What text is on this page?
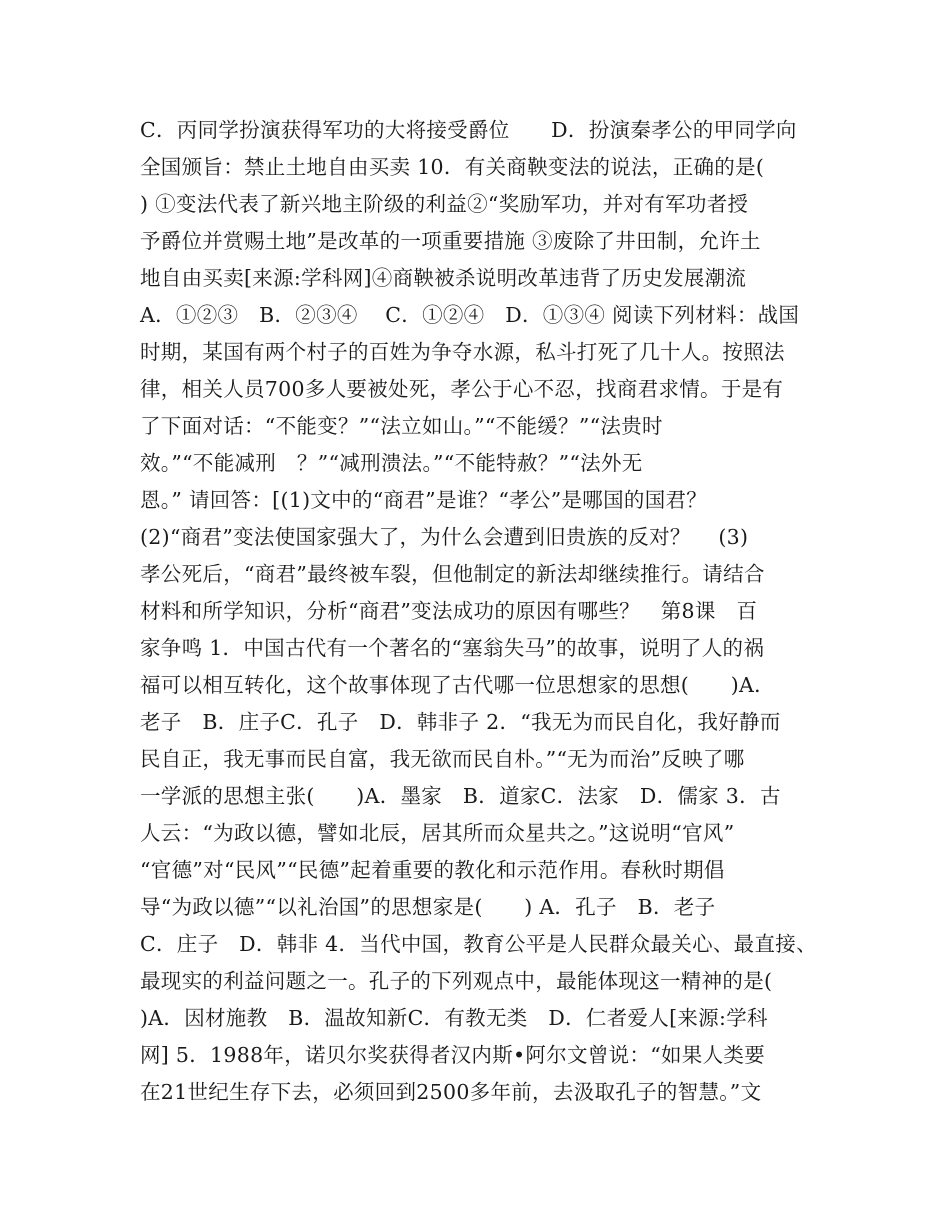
C．丙同学扮演获得军功的大将接受爵位　　D．扮演秦孝公的甲同学向
全国颁旨：禁止土地自由买卖 10．有关商鞅变法的说法，正确的是(
) ①变法代表了新兴地主阶级的利益②“奖励军功，并对有军功者授
予爵位并赏赐土地”是改革的一项重要措施 ③废除了井田制，允许土
地自由买卖[来源:学科网]④商鞅被杀说明改革违背了历史发展潮流
A．①②③　B．②③④　 C．①②④　D．①③④ 阅读下列材料：战国
时期，某国有两个村子的百姓为争夺水源，私斗打死了几十人。按照法
律，相关人员700多人要被处死，孝公于心不忍，找商君求情。于是有
了下面对话：“不能变？”“法立如山。”“不能缓？”“法贵时
效。”“不能减刑　？”“减刑溃法。”“不能特赦？”“法外无
恩。” 请回答：[(1)文中的“商君”是谁？“孝公”是哪国的国君？
(2)“商君”变法使国家强大了，为什么会遭到旧贵族的反对？　 (3)
孝公死后，“商君”最终被车裂，但他制定的新法却继续推行。请结合
材料和所学知识，分析“商君”变法成功的原因有哪些？　第8课　百
家争鸣 1．中国古代有一个著名的“塞翁失马”的故事，说明了人的祸
福可以相互转化，这个故事体现了古代哪一位思想家的思想(　　)A．
老子　B．庄子C．孔子　D．韩非子 2．“我无为而民自化，我好静而
民自正，我无事而民自富，我无欲而民自朴。”“无为而治”反映了哪
一学派的思想主张(　　)A．墨家　B．道家C．法家　D．儒家 3．古
人云：“为政以德，譬如北辰，居其所而众星共之。”这说明“官风”
“官德”对“民风”“民德”起着重要的教化和示范作用。春秋时期倡
导“为政以德”“以礼治国”的思想家是(　　) A．孔子　B．老子
C．庄子　D．韩非 4．当代中国，教育公平是人民群众最关心、最直接、
最现实的利益问题之一。孔子的下列观点中，最能体现这一精神的是(
)A．因材施教　B．温故知新C．有教无类　D．仁者爱人[来源:学科
网] 5．1988年，诺贝尔奖获得者汉内斯•阿尔文曾说：“如果人类要
在21世纪生存下去，必须回到2500多年前，去汲取孔子的智慧。”文
